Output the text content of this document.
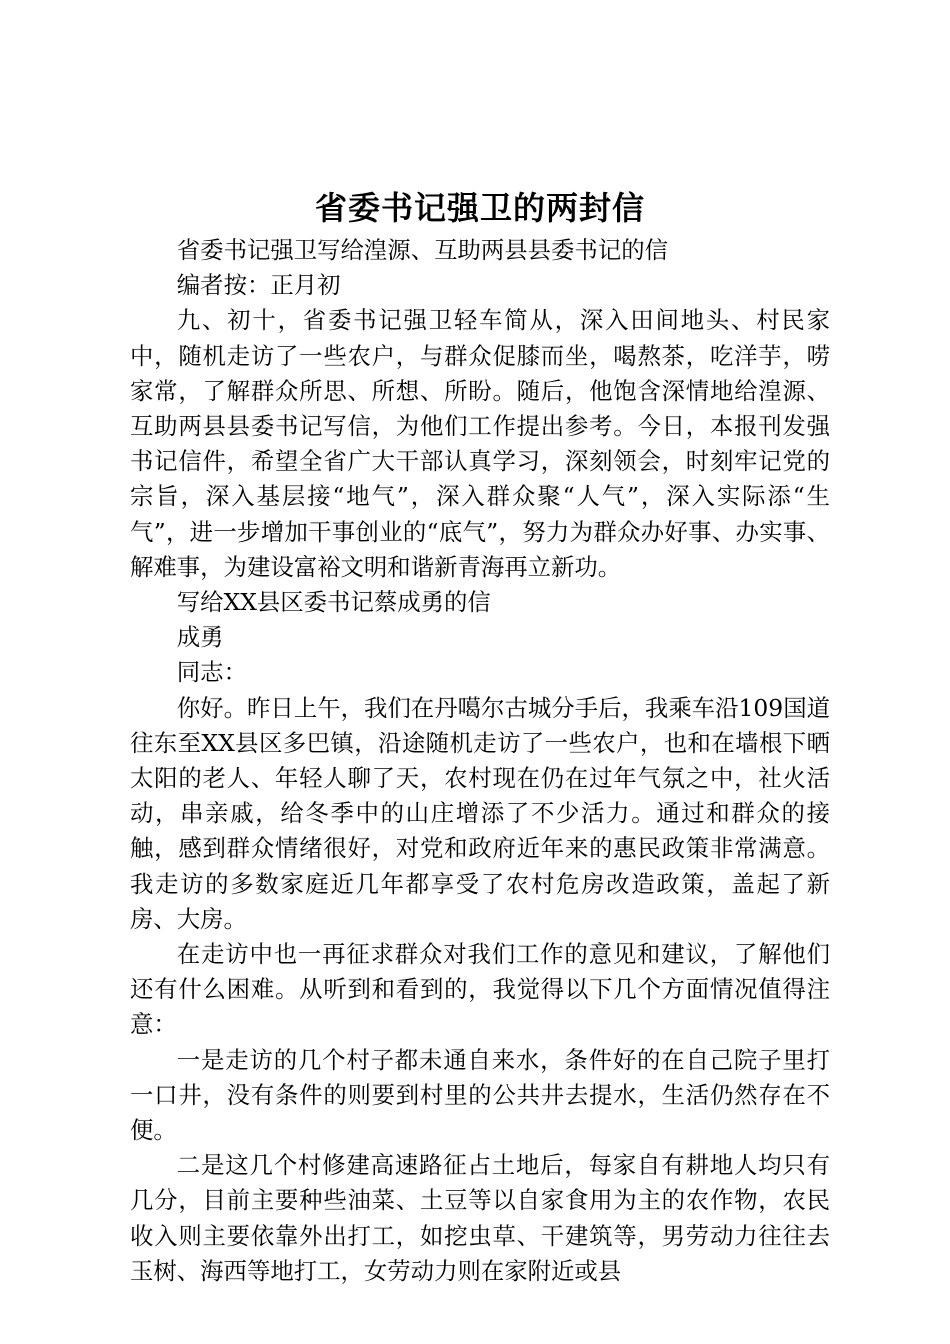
省委书记强卫的两封信

省委书记强卫写给湟源、互助两县县委书记的信

编者按：正月初

九、初十，省委书记强卫轻车简从，深入田间地头、村民家中，随机走访了一些农户，与群众促膝而坐，喝熬茶，吃洋芋，唠家常，了解群众所思、所想、所盼。随后，他饱含深情地给湟源、互助两县县委书记写信，为他们工作提出参考。今日，本报刊发强书记信件，希望全省广大干部认真学习，深刻领会，时刻牢记党的宗旨，深入基层接“地气”，深入群众聚“人气”，深入实际添“生气”，进一步增加干事创业的“底气”，努力为群众办好事、办实事、解难事，为建设富裕文明和谐新青海再立新功。

写给XX县区委书记蔡成勇的信

成勇

同志：

你好。昨日上午，我们在丹噶尔古城分手后，我乘车沿109国道往东至XX县区多巴镇，沿途随机走访了一些农户，也和在墙根下晒太阳的老人、年轻人聊了天，农村现在仍在过年气氛之中，社火活动，串亲戚，给冬季中的山庄增添了不少活力。通过和群众的接触，感到群众情绪很好，对党和政府近年来的惠民政策非常满意。我走访的多数家庭近几年都享受了农村危房改造政策，盖起了新房、大房。

在走访中也一再征求群众对我们工作的意见和建议，了解他们还有什么困难。从听到和看到的，我觉得以下几个方面情况值得注意：

一是走访的几个村子都未通自来水，条件好的在自己院子里打一口井，没有条件的则要到村里的公共井去提水，生活仍然存在不便。

二是这几个村修建高速路征占土地后，每家自有耕地人均只有几分，目前主要种些油菜、土豆等以自家食用为主的农作物，农民收入则主要依靠外出打工，如挖虫草、干建筑等，男劳动力往往去玉树、海西等地打工，女劳动力则在家附近或县
